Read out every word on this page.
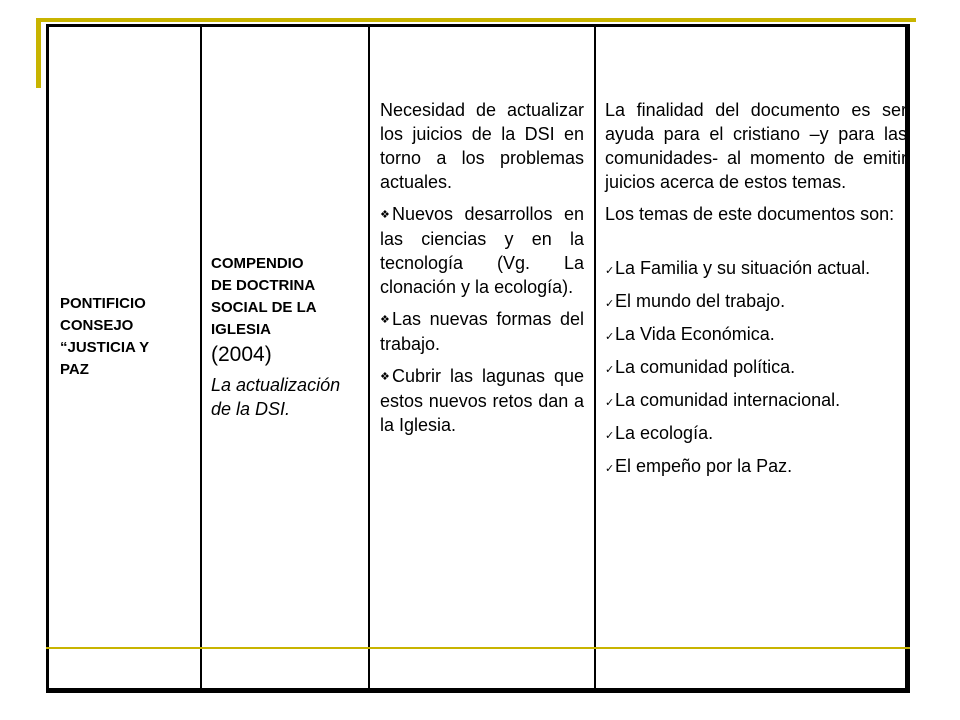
PONTIFICIO
CONSEJO
“JUSTICIA Y
PAZ
COMPENDIO
DE DOCTRINA
SOCIAL DE LA
IGLESIA
(2004)
La actualización de la DSI.
Necesidad de actualizar los juicios de la DSI en torno a los problemas actuales.
❖ Nuevos desarrollos en las ciencias y en la tecnología (Vg. La clonación y la ecología).
❖ Las nuevas formas del trabajo.
❖ Cubrir las lagunas que estos nuevos retos dan a la Iglesia.
La finalidad del documento es ser ayuda para el cristiano –y para las comunidades- al momento de emitir juicios acerca de estos temas.
Los temas de este documentos son:
✓La Familia y su situación actual.
✓El mundo del trabajo.
✓La Vida Económica.
✓La comunidad política.
✓La comunidad internacional.
✓La ecología.
✓El empeño por la Paz.
